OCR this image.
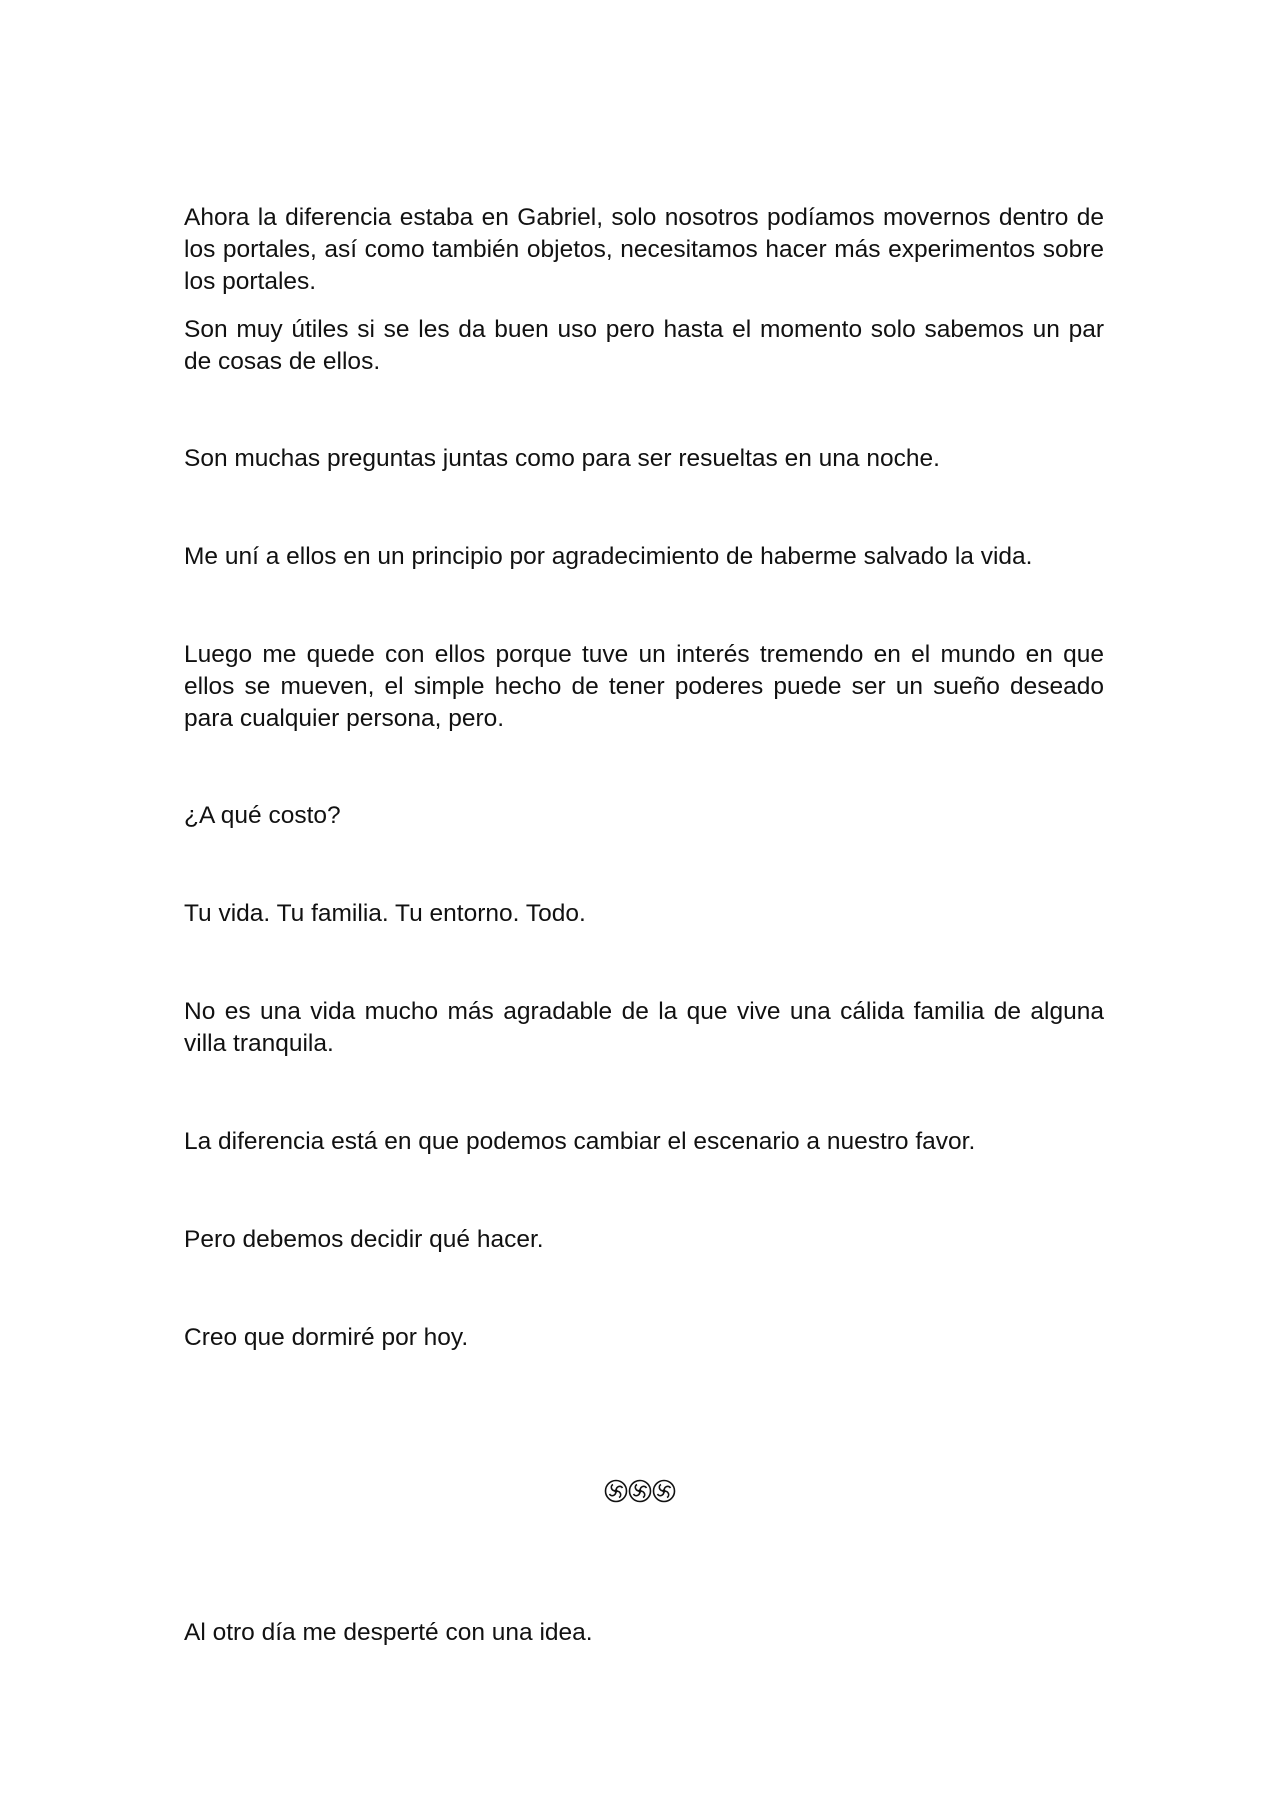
Ahora la diferencia estaba en Gabriel, solo nosotros podíamos movernos dentro de los portales, así como también objetos, necesitamos hacer más experimentos sobre los portales.

Son muy útiles si se les da buen uso pero hasta el momento solo sabemos un par de cosas de ellos.

Son muchas preguntas juntas como para ser resueltas en una noche.

Me uní a ellos en un principio por agradecimiento de haberme salvado la vida.

Luego me quede con ellos porque tuve un interés tremendo en el mundo en que ellos se mueven, el simple hecho de tener poderes puede ser un sueño deseado para cualquier persona, pero.

¿A qué costo?

Tu vida. Tu familia. Tu entorno. Todo.

No es una vida mucho más agradable de la que vive una cálida familia de alguna villa tranquila.

La diferencia está en que podemos cambiar el escenario a nuestro favor.

Pero debemos decidir qué hacer.

Creo que dormiré por hoy.

Al otro día me desperté con una idea.
